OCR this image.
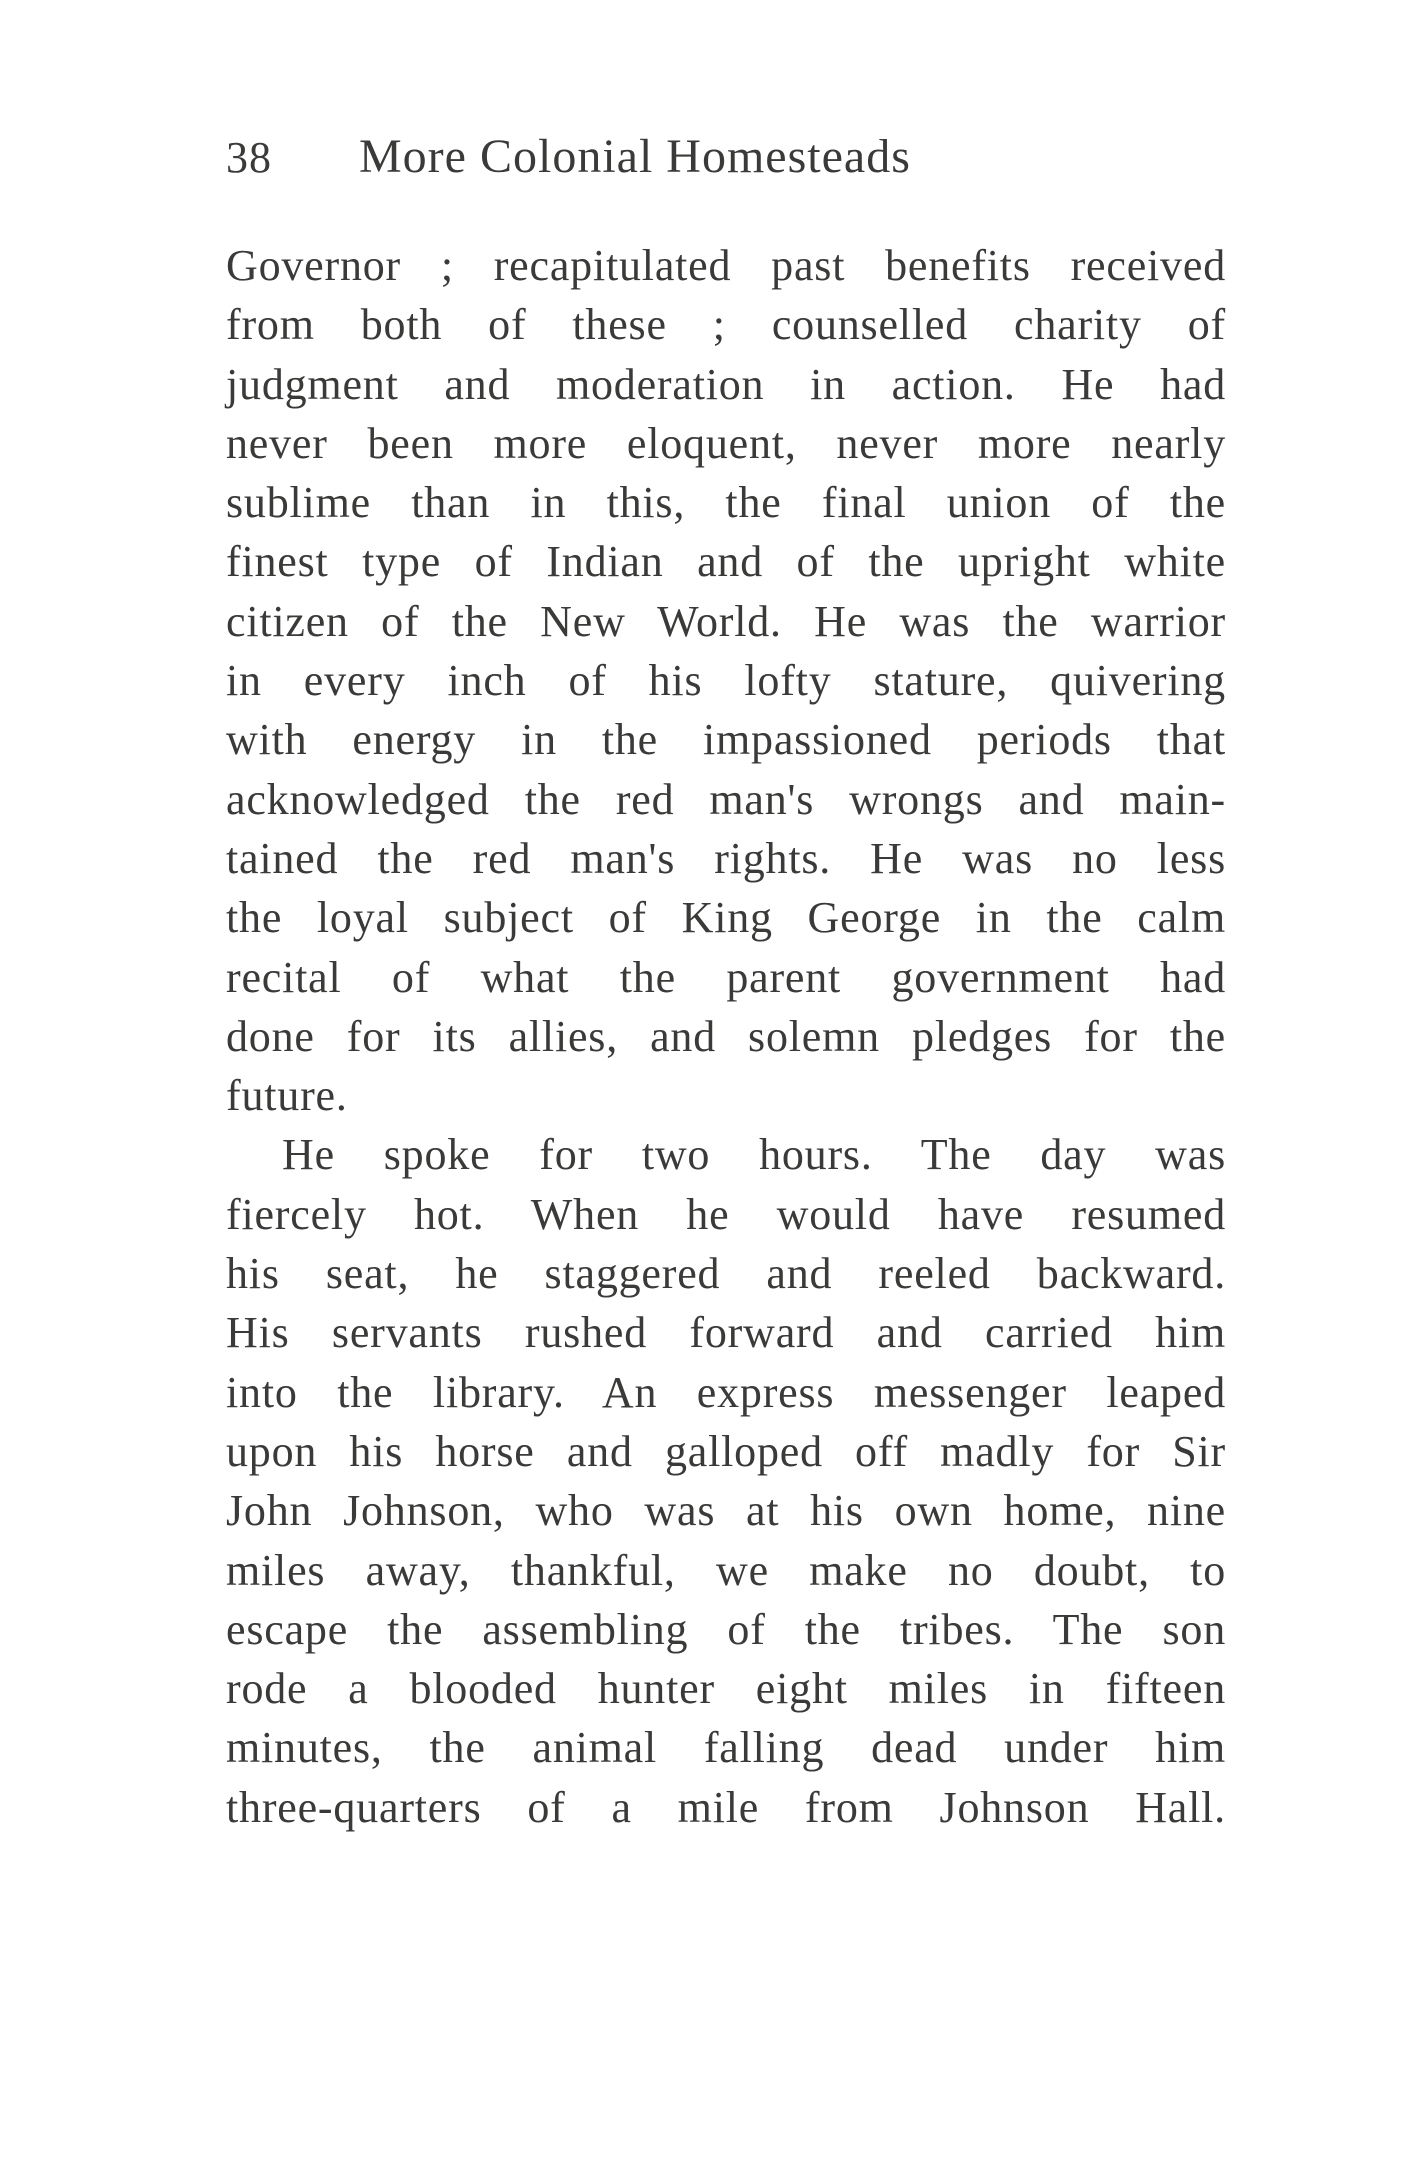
38 More Colonial Homesteads
Governor ; recapitulated past benefits received
from both of these ; counselled charity of
judgment and moderation in action. He had
never been more eloquent, never more nearly
sublime than in this, the final union of the
finest type of Indian and of the upright white
citizen of the New World. He was the warrior
in every inch of his lofty stature, quivering
with energy in the impassioned periods that
acknowledged the red man's wrongs and main-
tained the red man's rights. He was no less
the loyal subject of King George in the calm
recital of what the parent government had
done for its allies, and solemn pledges for the
future.
He spoke for two hours. The day was
fiercely hot. When he would have resumed
his seat, he staggered and reeled backward.
His servants rushed forward and carried him
into the library. An express messenger leaped
upon his horse and galloped off madly for Sir
John Johnson, who was at his own home, nine
miles away, thankful, we make no doubt, to
escape the assembling of the tribes. The son
rode a blooded hunter eight miles in fifteen
minutes, the animal falling dead under him
three-quarters of a mile from Johnson Hall.
